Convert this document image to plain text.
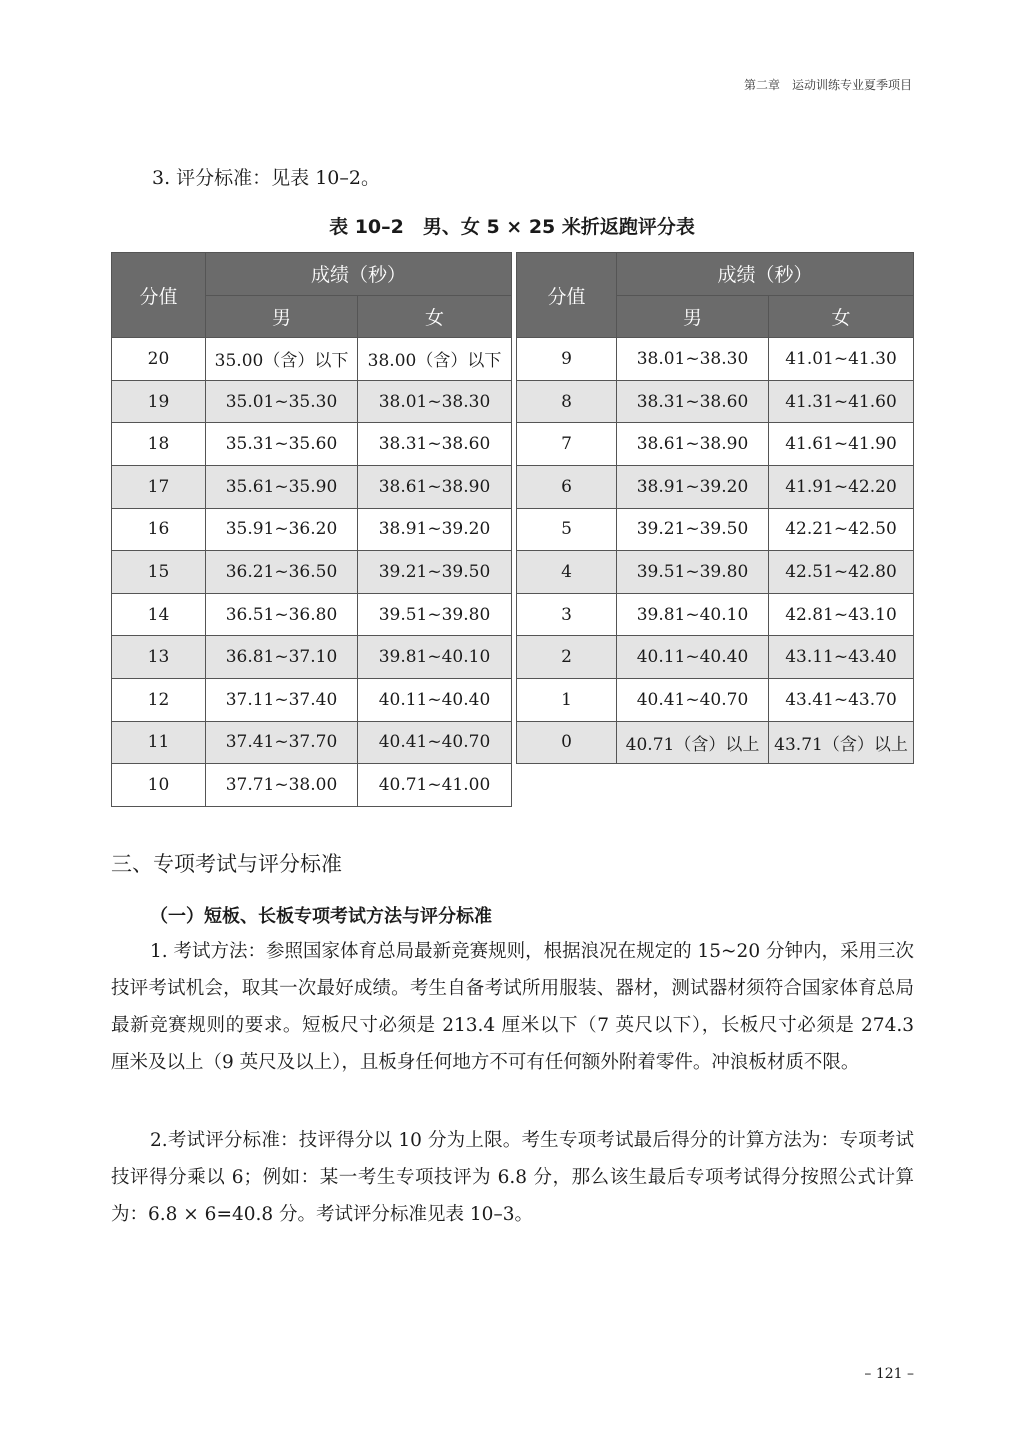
第二章　运动训练专业夏季项目
3. 评分标准：见表 10–2。
表 10–2　男、女 5 × 25 米折返跑评分表
分值	成绩（秒）	
	男	女
20	35.00（含）以下	38.00（含）以下
19	35.01~35.30	38.01~38.30
18	35.31~35.60	38.31~38.60
17	35.61~35.90	38.61~38.90
16	35.91~36.20	38.91~39.20
15	36.21~36.50	39.21~39.50
14	36.51~36.80	39.51~39.80
13	36.81~37.10	39.81~40.10
12	37.11~37.40	40.11~40.40
11	37.41~37.70	40.41~40.70
10	37.71~38.00	40.71~41.00
分值	成绩（秒）	
	男	女
9	38.01~38.30	41.01~41.30
8	38.31~38.60	41.31~41.60
7	38.61~38.90	41.61~41.90
6	38.91~39.20	41.91~42.20
5	39.21~39.50	42.21~42.50
4	39.51~39.80	42.51~42.80
3	39.81~40.10	42.81~43.10
2	40.11~40.40	43.11~43.40
1	40.41~40.70	43.41~43.70
0	40.71（含）以上	43.71（含）以上
三、专项考试与评分标准
（一）短板、长板专项考试方法与评分标准

1. 考试方法：参照国家体育总局最新竞赛规则，根据浪况在规定的 15~20 分钟内，采用三次技评考试机会，取其一次最好成绩。考生自备考试所用服装、器材，测试器材须符合国家体育总局最新竞赛规则的要求。短板尺寸必须是 213.4 厘米以下（7 英尺以下），长板尺寸必须是 274.3 厘米及以上（9 英尺及以上），且板身任何地方不可有任何额外附着零件。冲浪板材质不限。

2.考试评分标准：技评得分以 10 分为上限。考生专项考试最后得分的计算方法为：专项考试技评得分乘以 6；例如：某一考生专项技评为 6.8 分，那么该生最后专项考试得分按照公式计算为：6.8 × 6=40.8 分。考试评分标准见表 10–3。

– 121 –
